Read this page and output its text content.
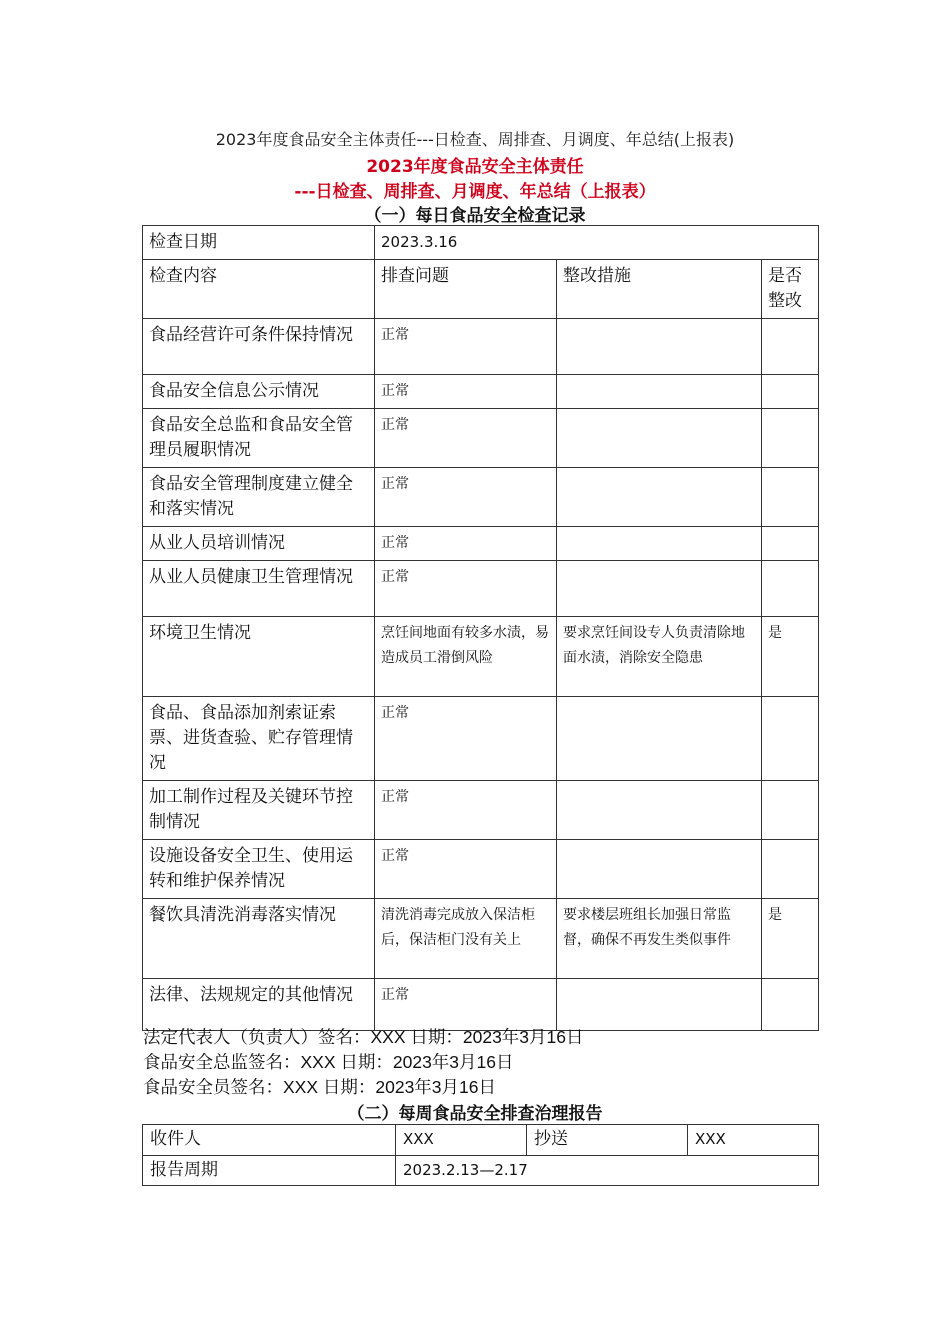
2023年度食品安全主体责任---日检查、周排查、月调度、年总结(上报表)
2023年度食品安全主体责任
---日检查、周排查、月调度、年总结（上报表）
（一）每日食品安全检查记录
检查日期	2023.3.16		
检查内容	排查问题	整改措施	是否整改
食品经营许可条件保持情况	正常		
食品安全信息公示情况	正常		
食品安全总监和食品安全管理员履职情况	正常		
食品安全管理制度建立健全和落实情况	正常		
从业人员培训情况	正常		
从业人员健康卫生管理情况	正常		
环境卫生情况	烹饪间地面有较多水渍，易造成员工滑倒风险	要求烹饪间设专人负责清除地面水渍，消除安全隐患	是
食品、食品添加剂索证索票、进货查验、贮存管理情况	正常		
加工制作过程及关键环节控制情况	正常		
设施设备安全卫生、使用运转和维护保养情况	正常		
餐饮具清洗消毒落实情况	清洗消毒完成放入保洁柜后，保洁柜门没有关上	要求楼层班组长加强日常监督，确保不再发生类似事件	是
法律、法规规定的其他情况	正常		
法定代表人（负责人）签名：XXX 日期：2023年3月16日
食品安全总监签名：XXX 日期：2023年3月16日
食品安全员签名：XXX 日期：2023年3月16日
（二）每周食品安全排查治理报告
收件人	XXX	抄送	XXX
报告周期	2023.2.13—2.17		
